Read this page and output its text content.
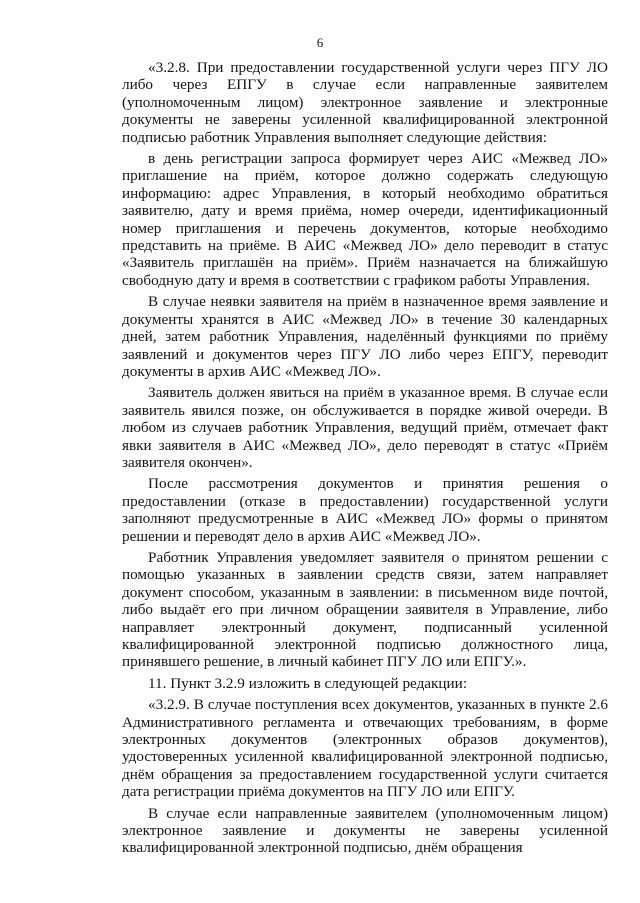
6

«3.2.8. При предоставлении государственной услуги через ПГУ ЛО либо через ЕПГУ в случае если направленные заявителем (уполномоченным лицом) электронное заявление и электронные документы не заверены усиленной квалифицированной электронной подписью работник Управления выполняет следующие действия:

в день регистрации запроса формирует через АИС «Межвед ЛО» приглашение на приём, которое должно содержать следующую информацию: адрес Управления, в который необходимо обратиться заявителю, дату и время приёма, номер очереди, идентификационный номер приглашения и перечень документов, которые необходимо представить на приёме. В АИС «Межвед ЛО» дело переводит в статус «Заявитель приглашён на приём». Приём назначается на ближайшую свободную дату и время в соответствии с графиком работы Управления.

В случае неявки заявителя на приём в назначенное время заявление и документы хранятся в АИС «Межвед ЛО» в течение 30 календарных дней, затем работник Управления, наделённый функциями по приёму заявлений и документов через ПГУ ЛО либо через ЕПГУ, переводит документы в архив АИС «Межвед ЛО».

Заявитель должен явиться на приём в указанное время. В случае если заявитель явился позже, он обслуживается в порядке живой очереди. В любом из случаев работник Управления, ведущий приём, отмечает факт явки заявителя в АИС «Межвед ЛО», дело переводят в статус «Приём заявителя окончен».

После рассмотрения документов и принятия решения о предоставлении (отказе в предоставлении) государственной услуги заполняют предусмотренные в АИС «Межвед ЛО» формы о принятом решении и переводят дело в архив АИС «Межвед ЛО».

Работник Управления уведомляет заявителя о принятом решении с помощью указанных в заявлении средств связи, затем направляет документ способом, указанным в заявлении: в письменном виде почтой, либо выдаёт его при личном обращении заявителя в Управление, либо направляет электронный документ, подписанный усиленной квалифицированной электронной подписью должностного лица, принявшего решение, в личный кабинет ПГУ ЛО или ЕПГУ.».

11. Пункт 3.2.9 изложить в следующей редакции:

«3.2.9. В случае поступления всех документов, указанных в пункте 2.6 Административного регламента и отвечающих требованиям, в форме электронных документов (электронных образов документов), удостоверенных усиленной квалифицированной электронной подписью, днём обращения за предоставлением государственной услуги считается дата регистрации приёма документов на ПГУ ЛО или ЕПГУ.

В случае если направленные заявителем (уполномоченным лицом) электронное заявление и документы не заверены усиленной квалифицированной электронной подписью, днём обращения
